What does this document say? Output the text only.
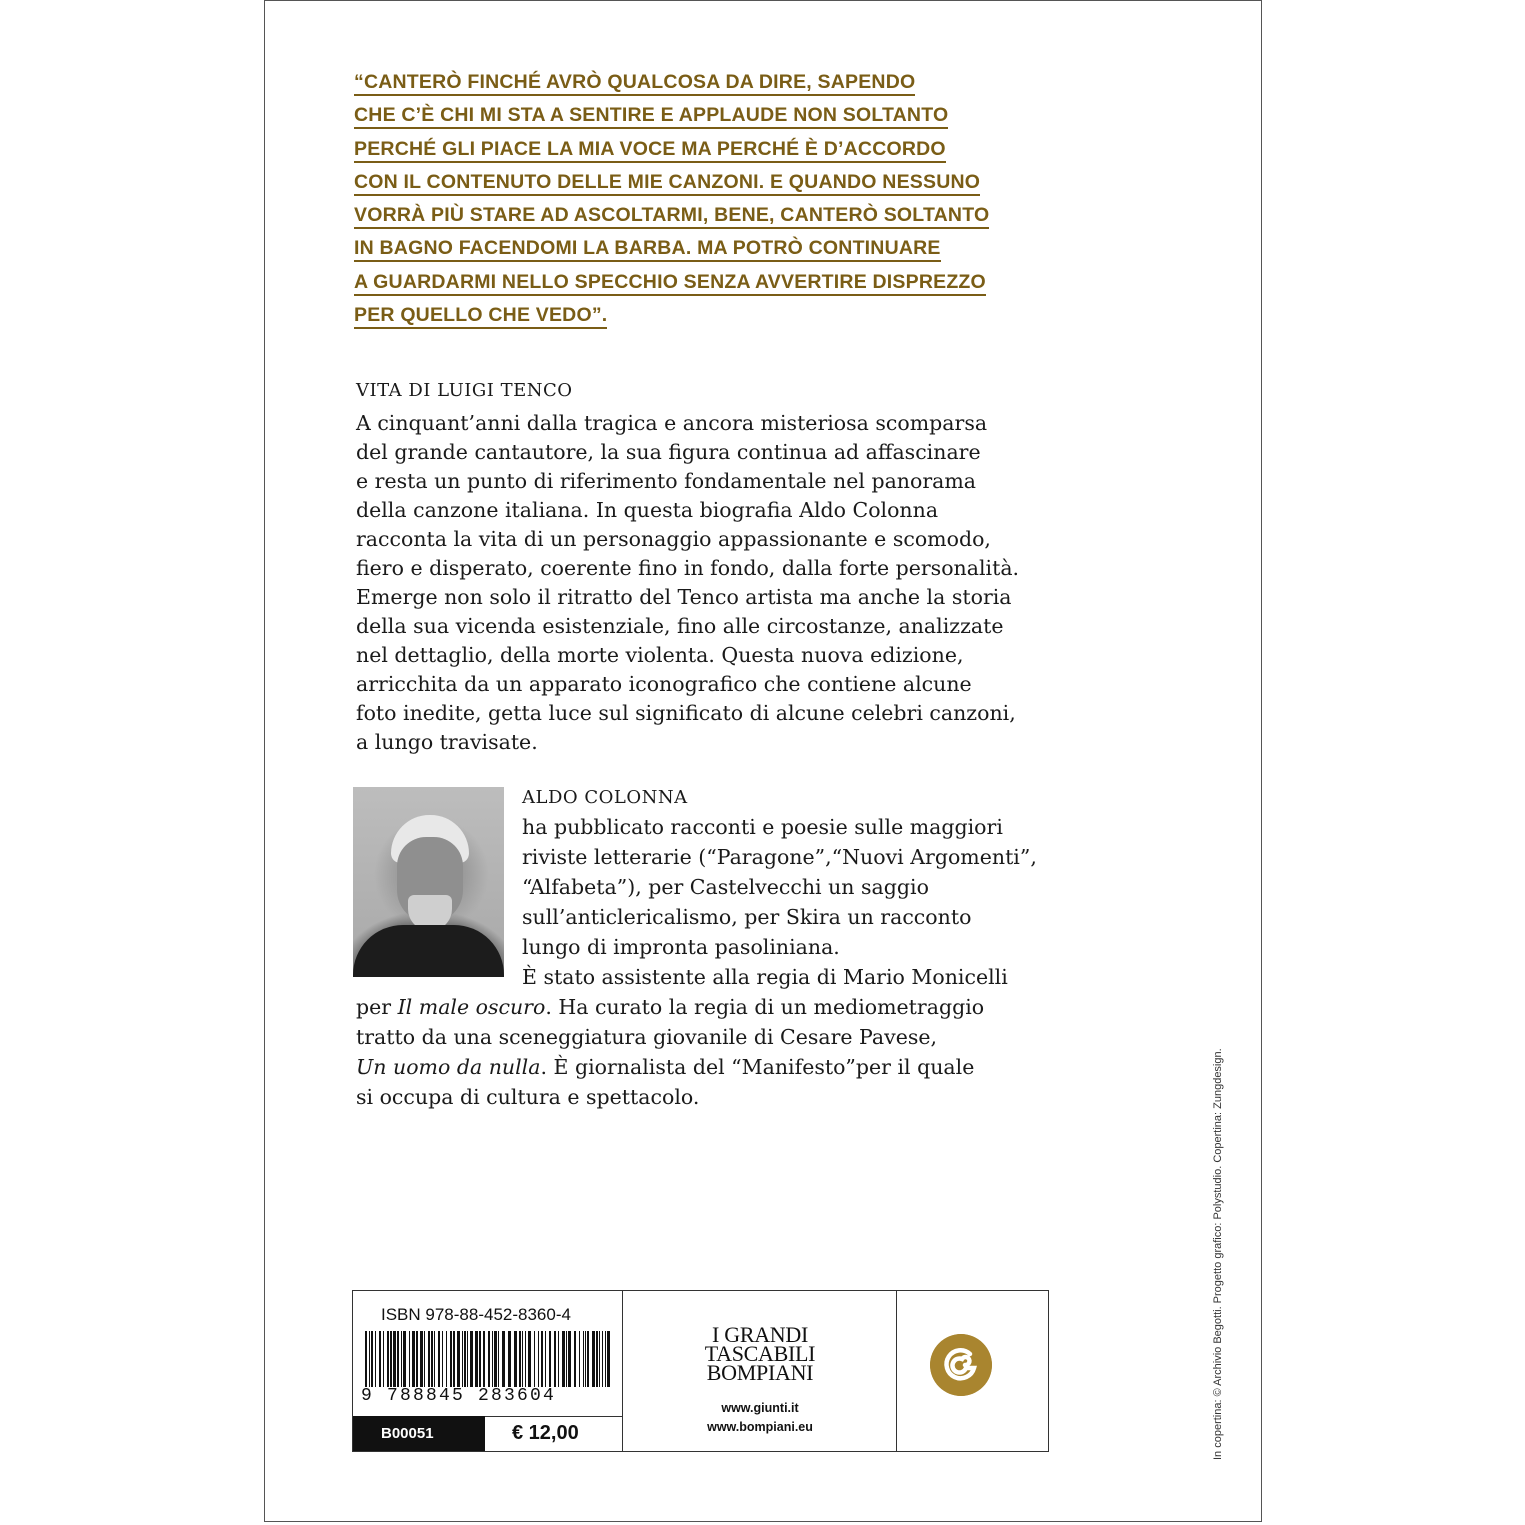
“CANTERÒ FINCHÉ AVRÒ QUALCOSA DA DIRE, SAPENDO
CHE C’È CHI MI STA A SENTIRE E APPLAUDE NON SOLTANTO
PERCHÉ GLI PIACE LA MIA VOCE MA PERCHÉ È D’ACCORDO
CON IL CONTENUTO DELLE MIE CANZONI. E QUANDO NESSUNO
VORRÀ PIÙ STARE AD ASCOLTARMI, BENE, CANTERÒ SOLTANTO
IN BAGNO FACENDOMI LA BARBA. MA POTRÒ CONTINUARE
A GUARDARMI NELLO SPECCHIO SENZA AVVERTIRE DISPREZZO
PER QUELLO CHE VEDO”.
VITA DI LUIGI TENCO
A cinquant’anni dalla tragica e ancora misteriosa scomparsa
del grande cantautore, la sua figura continua ad affascinare
e resta un punto di riferimento fondamentale nel panorama
della canzone italiana. In questa biografia Aldo Colonna
racconta la vita di un personaggio appassionante e scomodo,
fiero e disperato, coerente fino in fondo, dalla forte personalità.
Emerge non solo il ritratto del Tenco artista ma anche la storia
della sua vicenda esistenziale, fino alle circostanze, analizzate
nel dettaglio, della morte violenta. Questa nuova edizione,
arricchita da un apparato iconografico che contiene alcune
foto inedite, getta luce sul significato di alcune celebri canzoni,
a lungo travisate.
ALDO COLONNA
ha pubblicato racconti e poesie sulle maggiori
riviste letterarie (“Paragone”,“Nuovi Argomenti”,
“Alfabeta”), per Castelvecchi un saggio
sull’anticlericalismo, per Skira un racconto
lungo di impronta pasoliniana.
È stato assistente alla regia di Mario Monicelli
per Il male oscuro. Ha curato la regia di un mediometraggio
tratto da una sceneggiatura giovanile di Cesare Pavese,
Un uomo da nulla. È giornalista del “Manifesto”per il quale
si occupa di cultura e spettacolo.	In copertina: © Archivio Begotti. Progetto grafico: Polystudio. Copertina: Zungdesign.
ISBN 978-88-452-8360-4
9 788845 283604
B00051	€ 12,00
I GRANDI
TASCABILI
BOMPIANI
www.giunti.it
www.bompiani.eu
